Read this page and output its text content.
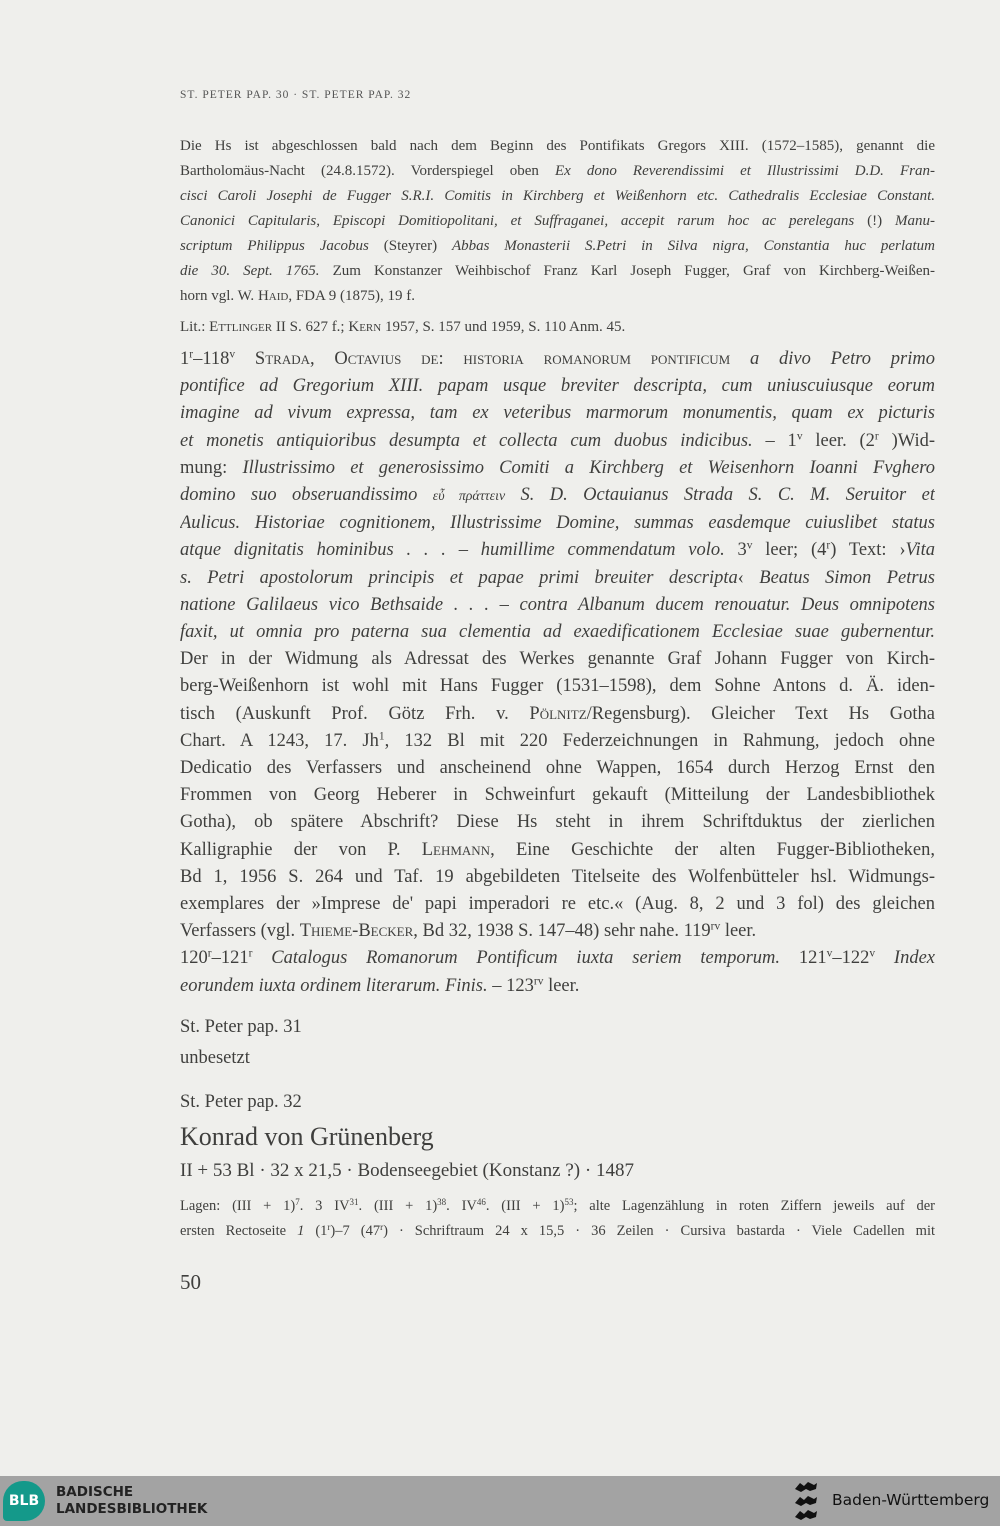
ST. PETER PAP. 30 · ST. PETER PAP. 32
Die Hs ist abgeschlossen bald nach dem Beginn des Pontifikats Gregors XIII. (1572–1585), genannt die
Bartholomäus-Nacht (24.8.1572). Vorderspiegel oben Ex dono Reverendissimi et Illustrissimi D.D. Fran-
cisci Caroli Josephi de Fugger S.R.I. Comitis in Kirchberg et Weißenhorn etc. Cathedralis Ecclesiae Constant.
Canonici Capitularis, Episcopi Domitiopolitani, et Suffraganei, accepit rarum hoc ac perelegans (!) Manu-
scriptum Philippus Jacobus (Steyrer) Abbas Monasterii S.Petri in Silva nigra, Constantia huc perlatum
die 30. Sept. 1765. Zum Konstanzer Weihbischof Franz Karl Joseph Fugger, Graf von Kirchberg-Weißen-
horn vgl. W. Haid, FDA 9 (1875), 19 f.
Lit.: Ettlinger II S. 627 f.; Kern 1957, S. 157 und 1959, S. 110 Anm. 45.
1$^r$–118$^v$ Strada, Octavius de: historia romanorum pontificum a divo Petro primo
pontifice ad Gregorium XIII. papam usque breviter descripta, cum uniuscuiusque eorum
imagine ad vivum expressa, tam ex veteribus marmorum monumentis, quam ex picturis
et monetis antiquioribus desumpta et collecta cum duobus indicibus. – 1$^v$ leer. (2$^r$ )Wid-
mung: Illustrissimo et generosissimo Comiti a Kirchberg et Weisenhorn Ioanni Fvghero
domino suo obseruandissimo εὖ πράττειν S. D. Octauianus Strada S. C. M. Seruitor et
Aulicus. Historiae cognitionem, Illustrissime Domine, summas easdemque cuiuslibet status
atque dignitatis hominibus . . . – humillime commendatum volo. 3$^v$ leer; (4$^r$) Text: ›Vita
s. Petri apostolorum principis et papae primi breuiter descripta‹ Beatus Simon Petrus
natione Galilaeus vico Bethsaide . . . – contra Albanum ducem renouatur. Deus omnipotens
faxit, ut omnia pro paterna sua clementia ad exaedificationem Ecclesiae suae gubernentur.
Der in der Widmung als Adressat des Werkes genannte Graf Johann Fugger von Kirch-
berg-Weißenhorn ist wohl mit Hans Fugger (1531–1598), dem Sohne Antons d. Ä. iden-
tisch (Auskunft Prof. Götz Frh. v. Pölnitz/Regensburg). Gleicher Text Hs Gotha
Chart. A 1243, 17. Jh$^1$, 132 Bl mit 220 Federzeichnungen in Rahmung, jedoch ohne
Dedicatio des Verfassers und anscheinend ohne Wappen, 1654 durch Herzog Ernst den
Frommen von Georg Heberer in Schweinfurt gekauft (Mitteilung der Landesbibliothek
Gotha), ob spätere Abschrift? Diese Hs steht in ihrem Schriftduktus der zierlichen
Kalligraphie der von P. Lehmann, Eine Geschichte der alten Fugger-Bibliotheken,
Bd 1, 1956 S. 264 und Taf. 19 abgebildeten Titelseite des Wolfenbütteler hsl. Widmungs-
exemplares der »Imprese de' papi imperadori re etc.« (Aug. 8, 2 und 3 fol) des gleichen
Verfassers (vgl. Thieme-Becker, Bd 32, 1938 S. 147–48) sehr nahe. $119^{rv}$ leer.
120$^r$–121$^r$ Catalogus Romanorum Pontificum iuxta seriem temporum. 121$^v$–122$^v$ Index
eorundem iuxta ordinem literarum. Finis. – $123^{rv}$ leer.
St. Peter pap. 31
unbesetzt
St. Peter pap. 32
Konrad von Grünenberg
II + 53 Bl · 32 x 21,5 · Bodenseegebiet (Konstanz ?) · 1487
Lagen: (III + 1)$^7$. 3 IV$^{31}$. (III + 1)$^{38}$. IV$^{46}$. (III + 1)$^{53}$; alte Lagenzählung in roten Ziffern jeweils auf der
ersten Rectoseite 1 (1$^r$)–7 $(47^r)$ · Schriftraum 24 x 15,5 · 36 Zeilen · Cursiva bastarda · Viele Cadellen mit
50
BLB
BADISCHE
LANDESBIBLIOTHEK	Baden-Württemberg
